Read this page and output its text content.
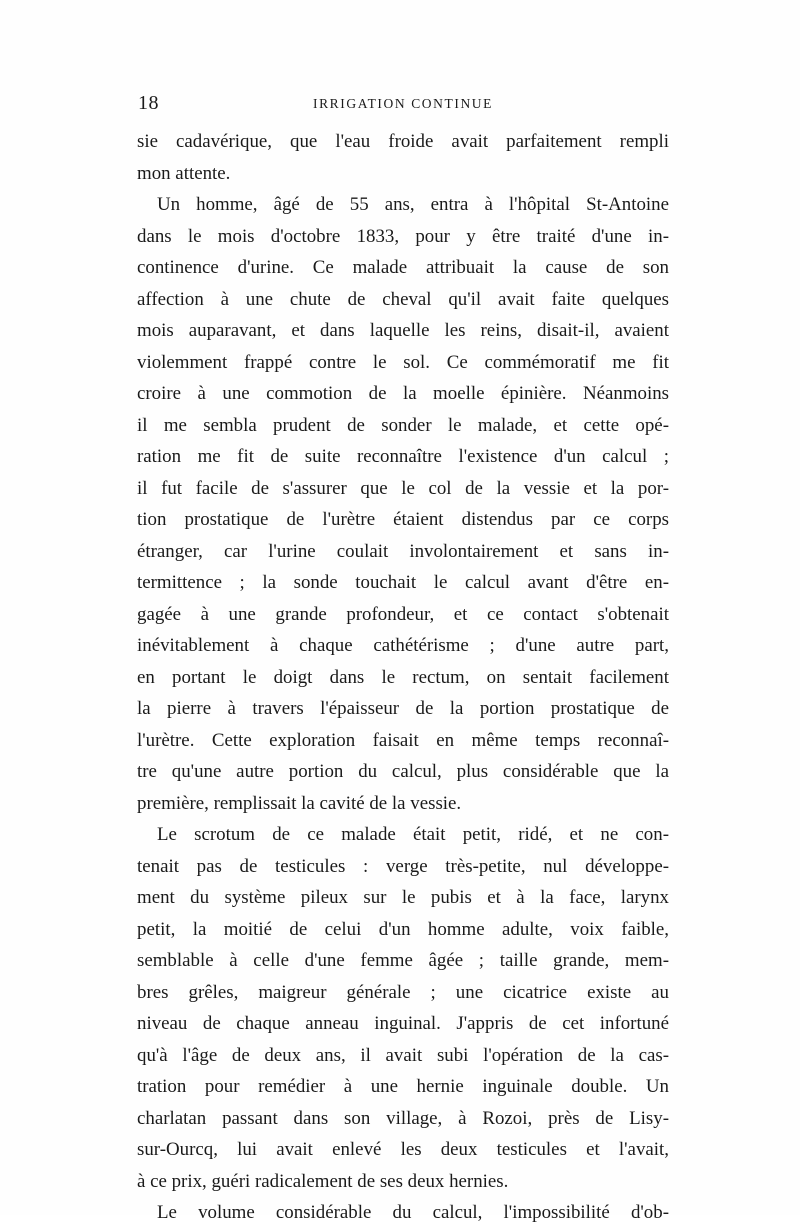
18	IRRIGATION CONTINUE
sie cadavérique, que l'eau froide avait parfaitement rempli
mon attente.
Un homme, âgé de 55 ans, entra à l'hôpital St-Antoine
dans le mois d'octobre 1833, pour y être traité d'une in-
continence d'urine. Ce malade attribuait la cause de son
affection à une chute de cheval qu'il avait faite quelques
mois auparavant, et dans laquelle les reins, disait-il, avaient
violemment frappé contre le sol. Ce commémoratif me fit
croire à une commotion de la moelle épinière. Néanmoins
il me sembla prudent de sonder le malade, et cette opé-
ration me fit de suite reconnaître l'existence d'un calcul ;
il fut facile de s'assurer que le col de la vessie et la por-
tion prostatique de l'urètre étaient distendus par ce corps
étranger, car l'urine coulait involontairement et sans in-
termittence ; la sonde touchait le calcul avant d'être en-
gagée à une grande profondeur, et ce contact s'obtenait
inévitablement à chaque cathétérisme ; d'une autre part,
en portant le doigt dans le rectum, on sentait facilement
la pierre à travers l'épaisseur de la portion prostatique de
l'urètre. Cette exploration faisait en même temps reconnaî-
tre qu'une autre portion du calcul, plus considérable que la
première, remplissait la cavité de la vessie.
Le scrotum de ce malade était petit, ridé, et ne con-
tenait pas de testicules : verge très-petite, nul développe-
ment du système pileux sur le pubis et à la face, larynx
petit, la moitié de celui d'un homme adulte, voix faible,
semblable à celle d'une femme âgée ; taille grande, mem-
bres grêles, maigreur générale ; une cicatrice existe au
niveau de chaque anneau inguinal. J'appris de cet infortuné
qu'à l'âge de deux ans, il avait subi l'opération de la cas-
tration pour remédier à une hernie inguinale double. Un
charlatan passant dans son village, à Rozoi, près de Lisy-
sur-Ourcq, lui avait enlevé les deux testicules et l'avait,
à ce prix, guéri radicalement de ses deux hernies.
Le volume considérable du calcul, l'impossibilité d'ob-
